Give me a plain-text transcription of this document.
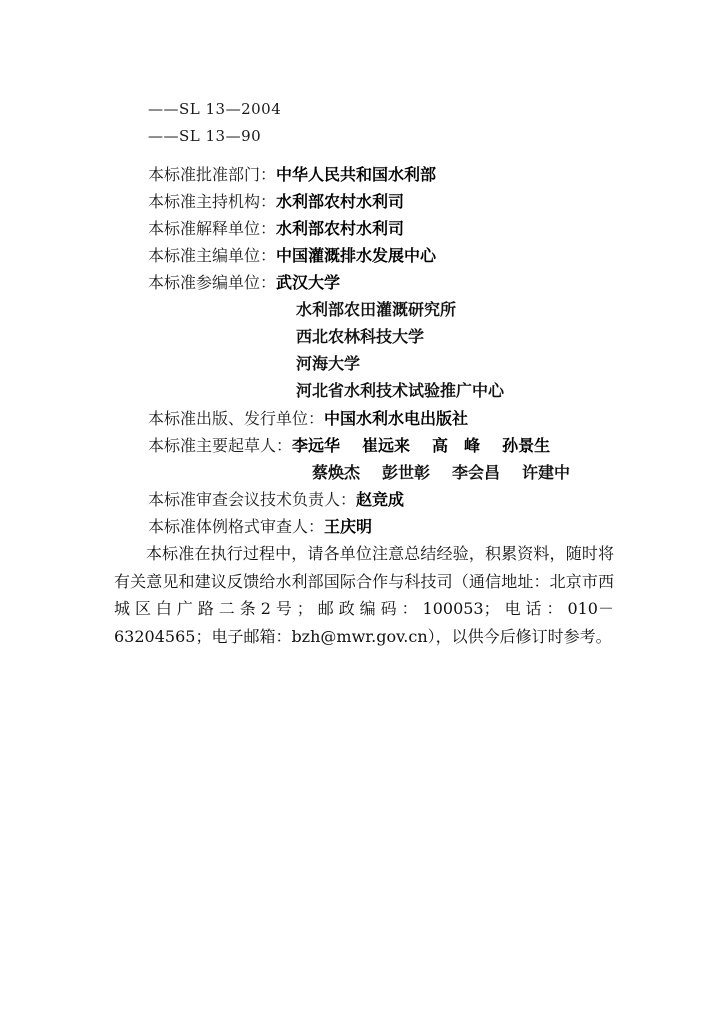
——SL 13—2004
——SL 13—90
本标准批准部门：中华人民共和国水利部
本标准主持机构：水利部农村水利司
本标准解释单位：水利部农村水利司
本标准主编单位：中国灌溉排水发展中心
本标准参编单位：武汉大学
水利部农田灌溉研究所
西北农林科技大学
河海大学
河北省水利技术试验推广中心
本标准出版、发行单位：中国水利水电出版社
本标准主要起草人：李远华 崔远来 高　峰 孙景生
蔡焕杰 彭世彰 李会昌 许建中
本标准审查会议技术负责人：赵竞成
本标准体例格式审查人：王庆明
本标准在执行过程中，请各单位注意总结经验，积累资料，随时将有关意见和建议反馈给水利部国际合作与科技司（通信地址：北京市西城区白广路二条2号；邮政编码：100053；电话：010－63204565；电子邮箱：bzh@mwr.gov.cn），以供今后修订时参考。
